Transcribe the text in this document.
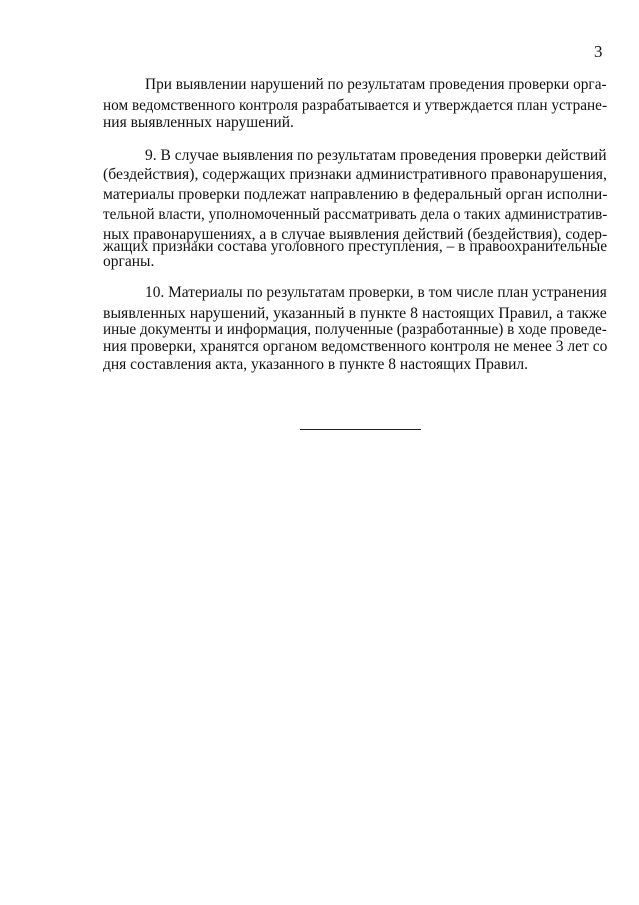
3
При выявлении нарушений по результатам проведения проверки орга-
ном ведомственного контроля разрабатывается и утверждается план устране-
ния выявленных нарушений.
9. В случае выявления по результатам проведения проверки действий
(бездействия), содержащих признаки административного правонарушения,
материалы проверки подлежат направлению в федеральный орган исполни-
тельной власти, уполномоченный рассматривать дела о таких административ-
ных правонарушениях, а в случае выявления действий (бездействия), содер-
жащих признаки состава уголовного преступления, – в правоохранительные
органы.
10. Материалы по результатам проверки, в том числе план устранения
выявленных нарушений, указанный в пункте 8 настоящих Правил, а также
иные документы и информация, полученные (разработанные) в ходе проведе-
ния проверки, хранятся органом ведомственного контроля не менее 3 лет со
дня составления акта, указанного в пункте 8 настоящих Правил.
